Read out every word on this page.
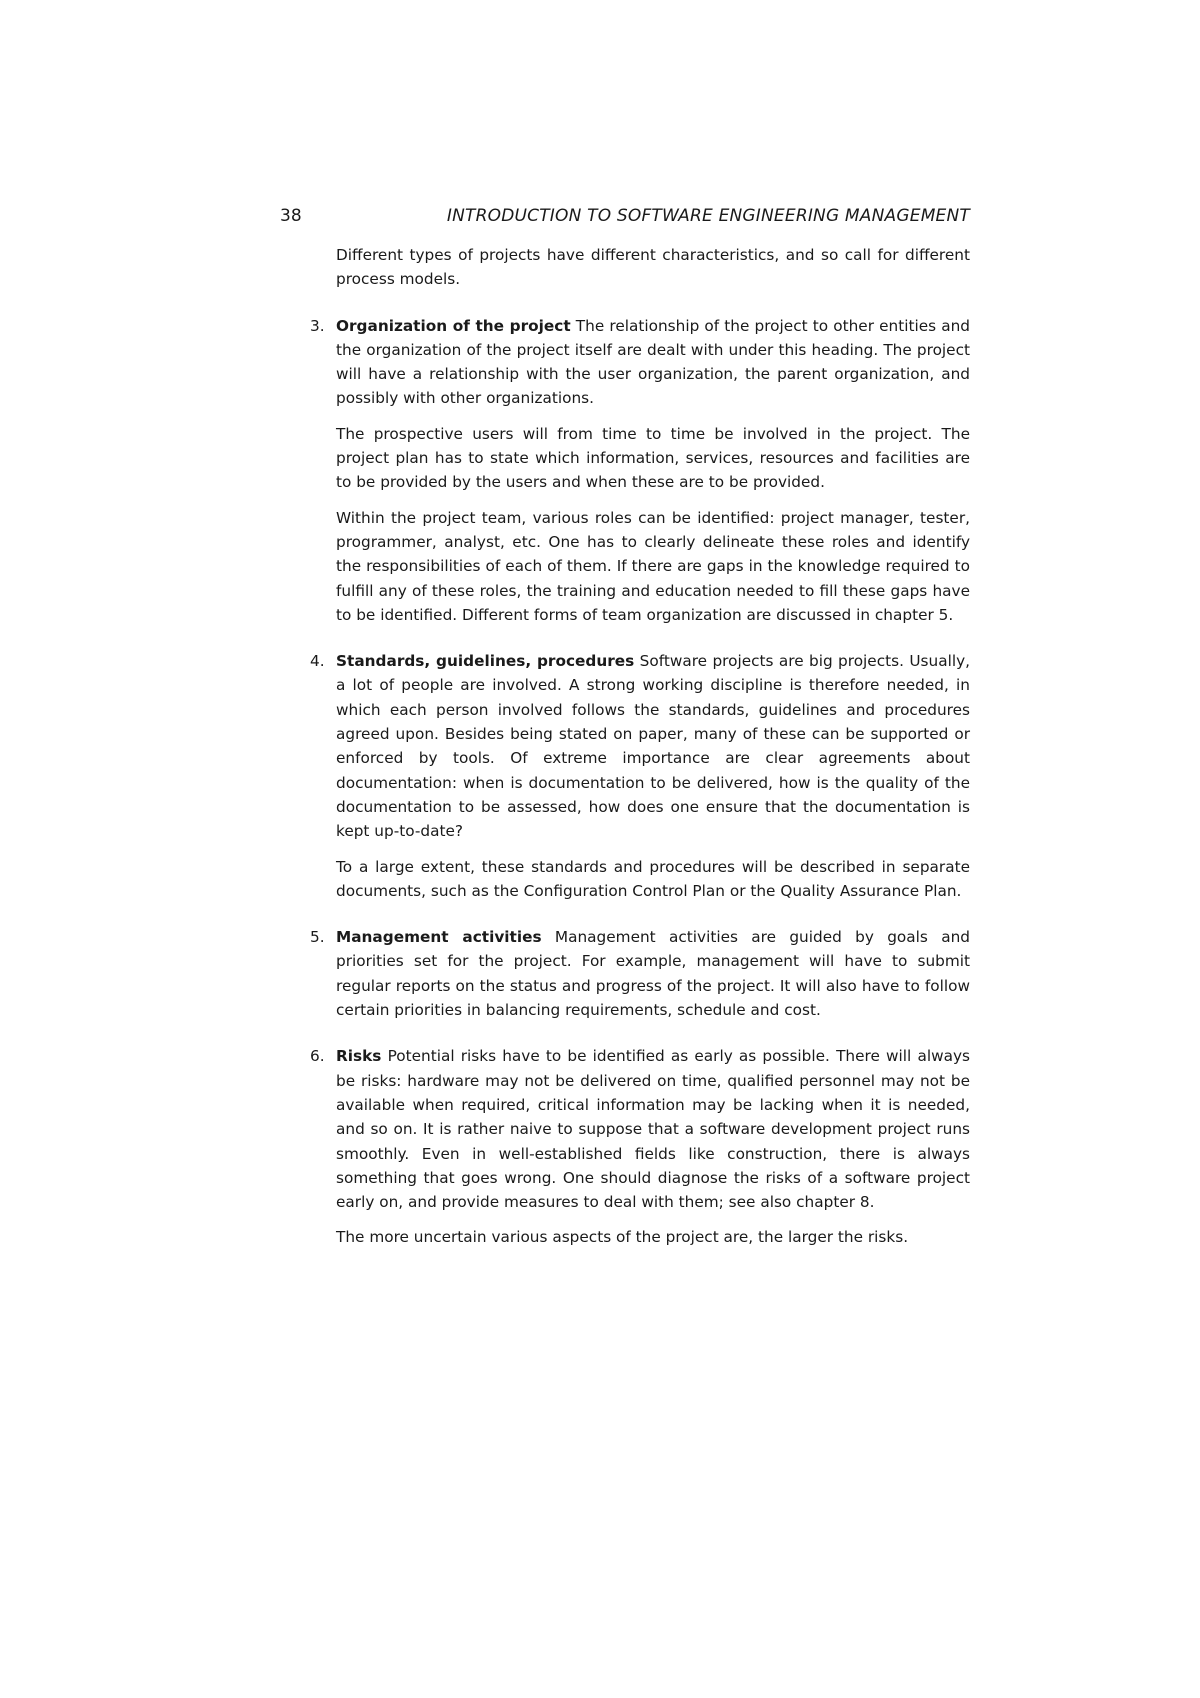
38	INTRODUCTION TO SOFTWARE ENGINEERING MANAGEMENT

Different types of projects have different characteristics, and so call for different process models.

3. Organization of the project The relationship of the project to other entities and the organization of the project itself are dealt with under this heading. The project will have a relationship with the user organization, the parent organization, and possibly with other organizations.

The prospective users will from time to time be involved in the project. The project plan has to state which information, services, resources and facilities are to be provided by the users and when these are to be provided.

Within the project team, various roles can be identified: project manager, tester, programmer, analyst, etc. One has to clearly delineate these roles and identify the responsibilities of each of them. If there are gaps in the knowledge required to fulfill any of these roles, the training and education needed to fill these gaps have to be identified. Different forms of team organization are discussed in chapter 5.

4. Standards, guidelines, procedures Software projects are big projects. Usually, a lot of people are involved. A strong working discipline is therefore needed, in which each person involved follows the standards, guidelines and procedures agreed upon. Besides being stated on paper, many of these can be supported or enforced by tools. Of extreme importance are clear agreements about documentation: when is documentation to be delivered, how is the quality of the documentation to be assessed, how does one ensure that the documentation is kept up-to-date?

To a large extent, these standards and procedures will be described in separate documents, such as the Configuration Control Plan or the Quality Assurance Plan.

5. Management activities Management activities are guided by goals and priorities set for the project. For example, management will have to submit regular reports on the status and progress of the project. It will also have to follow certain priorities in balancing requirements, schedule and cost.

6. Risks Potential risks have to be identified as early as possible. There will always be risks: hardware may not be delivered on time, qualified personnel may not be available when required, critical information may be lacking when it is needed, and so on. It is rather naive to suppose that a software development project runs smoothly. Even in well-established fields like construction, there is always something that goes wrong. One should diagnose the risks of a software project early on, and provide measures to deal with them; see also chapter 8.

The more uncertain various aspects of the project are, the larger the risks.
